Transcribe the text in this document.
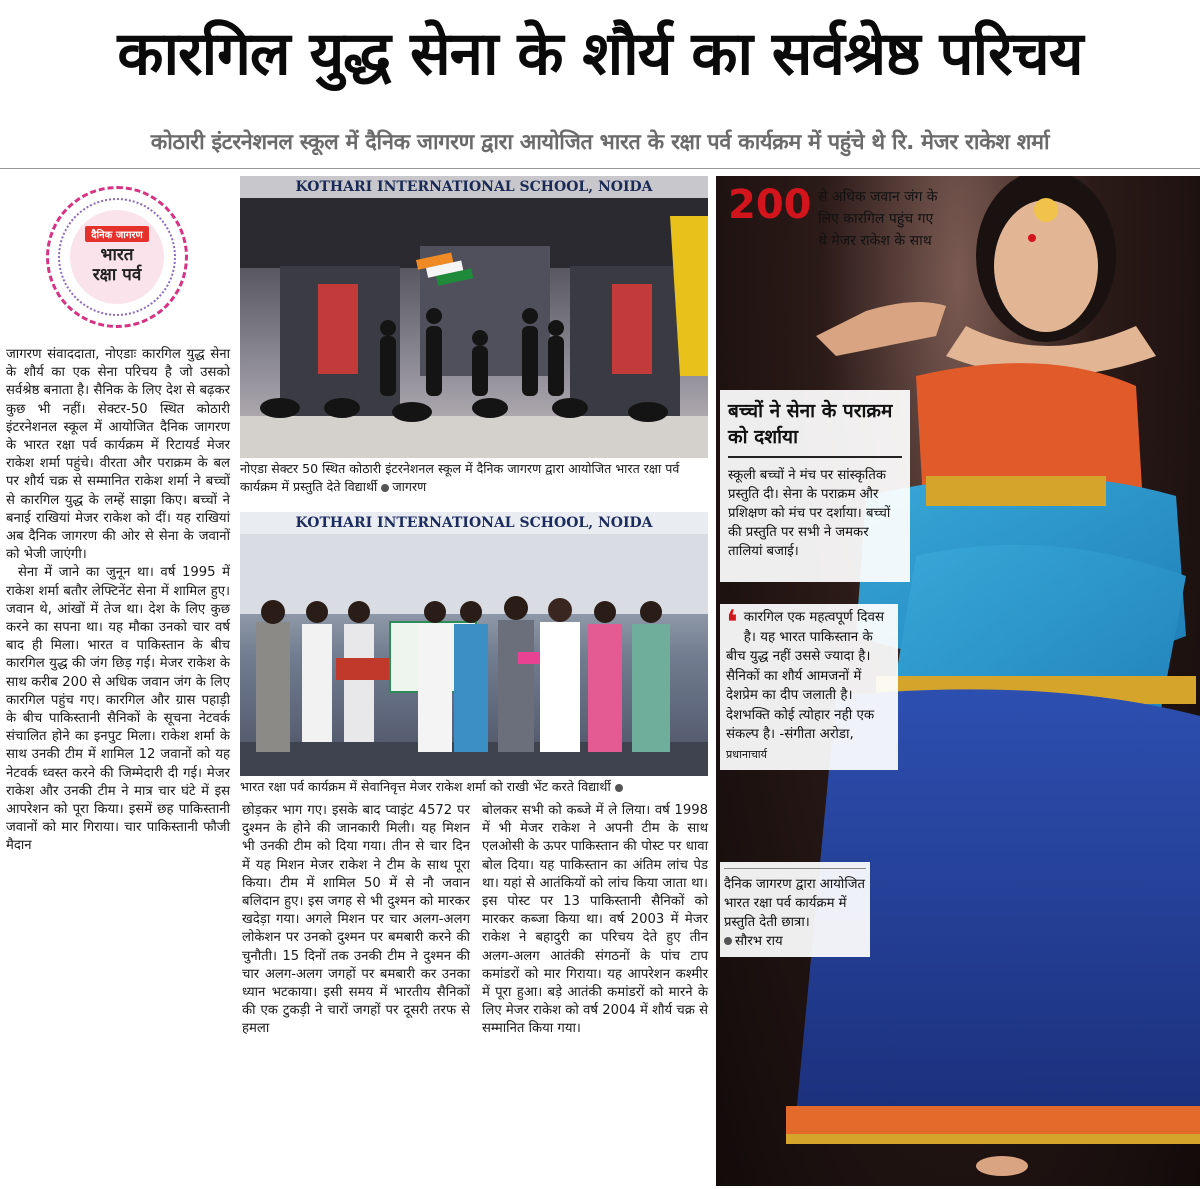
कारगिल युद्ध सेना के शौर्य का सर्वश्रेष्ठ परिचय
कोठारी इंटरनेशनल स्कूल में दैनिक जागरण द्वारा आयोजित भारत के रक्षा पर्व कार्यक्रम में पहुंचे थे रि. मेजर राकेश शर्मा
दैनिक जागरण
भारत
रक्षा पर्व

जागरण संवाददाता, नोएडाः कारगिल युद्ध सेना के शौर्य का एक सेना परिचय है जो उसको सर्वश्रेष्ठ बनाता है। सैनिक के लिए देश से बढ़कर कुछ भी नहीं। सेक्टर-50 स्थित कोठारी इंटरनेशनल स्कूल में आयोजित दैनिक जागरण के भारत रक्षा पर्व कार्यक्रम में रिटायर्ड मेजर राकेश शर्मा पहुंचे। वीरता और पराक्रम के बल पर शौर्य चक्र से सम्मानित राकेश शर्मा ने बच्चों से कारगिल युद्ध के लम्हें साझा किए। बच्चों ने बनाई राखियां मेजर राकेश को दीं। यह राखियां अब दैनिक जागरण की ओर से सेना के जवानों को भेजी जाएंगी।

सेना में जाने का जुनून था। वर्ष 1995 में राकेश शर्मा बतौर लेफ्टिनेंट सेना में शामिल हुए। जवान थे, आंखों में तेज था। देश के लिए कुछ करने का सपना था। यह मौका उनको चार वर्ष बाद ही मिला। भारत व पाकिस्तान के बीच कारगिल युद्ध की जंग छिड़ गई। मेजर राकेश के साथ करीब 200 से अधिक जवान जंग के लिए कारगिल पहुंच गए। कारगिल और ग्रास पहाड़ी के बीच पाकिस्तानी सैनिकों के सूचना नेटवर्क संचालित होने का इनपुट मिला। राकेश शर्मा के साथ उनकी टीम में शामिल 12 जवानों को यह नेटवर्क ध्वस्त करने की जिम्मेदारी दी गई। मेजर राकेश और उनकी टीम ने मात्र चार घंटे में इस आपरेशन को पूरा किया। इसमें छह पाकिस्तानी जवानों को मार गिराया। चार पाकिस्तानी फौजी मैदान

KOTHARI INTERNATIONAL SCHOOL, NOIDA
नोएडा सेक्टर 50 स्थित कोठारी इंटरनेशनल स्कूल में दैनिक जागरण द्वारा आयोजित भारत रक्षा पर्व कार्यक्रम में प्रस्तुति देते विद्यार्थी जागरण
KOTHARI INTERNATIONAL SCHOOL, NOIDA
भारत रक्षा पर्व कार्यक्रम में सेवानिवृत्त मेजर राकेश शर्मा को राखी भेंट करते विद्यार्थी

छोड़कर भाग गए। इसके बाद प्वाइंट 4572 पर दुश्मन के होने की जानकारी मिली। यह मिशन भी उनकी टीम को दिया गया। तीन से चार दिन में यह मिशन मेजर राकेश ने टीम के साथ पूरा किया। टीम में शामिल 50 में से नौ जवान बलिदान हुए। इस जगह से भी दुश्मन को मारकर खदेड़ा गया। अगले मिशन पर चार अलग-अलग लोकेशन पर उनको दुश्मन पर बमबारी करने की चुनौती। 15 दिनों तक उनकी टीम ने दुश्मन की चार अलग-अलग जगहों पर बमबारी कर उनका ध्यान भटकाया। इसी समय में भारतीय सैनिकों की एक टुकड़ी ने चारों जगहों पर दूसरी तरफ से हमला

बोलकर सभी को कब्जे में ले लिया। वर्ष 1998 में भी मेजर राकेश ने अपनी टीम के साथ एलओसी के ऊपर पाकिस्तान की पोस्ट पर धावा बोल दिया। यह पाकिस्तान का अंतिम लांच पेड था। यहां से आतंकियों को लांच किया जाता था। इस पोस्ट पर 13 पाकिस्तानी सैनिकों को मारकर कब्जा किया था। वर्ष 2003 में मेजर राकेश ने बहादुरी का परिचय देते हुए तीन अलग-अलग आतंकी संगठनों के पांच टाप कमांडरों को मार गिराया। यह आपरेशन कश्मीर में पूरा हुआ। बड़े आतंकी कमांडरों को मारने के लिए मेजर राकेश को वर्ष 2004 में शौर्य चक्र से सम्मानित किया गया।

200 से अधिक जवान जंग के लिए कारगिल पहुंच गए थे मेजर राकेश के साथ
बच्चों ने सेना के पराक्रम को दर्शाया
स्कूली बच्चों ने मंच पर सांस्कृतिक प्रस्तुति दी। सेना के पराक्रम और प्रशिक्षण को मंच पर दर्शाया। बच्चों की प्रस्तुति पर सभी ने जमकर तालियां बजाई।
❛ कारगिल एक महत्वपूर्ण दिवस है। यह भारत पाकिस्तान के बीच युद्ध नहीं उससे ज्यादा है। सैनिकों का शौर्य आमजनों में देशप्रेम का दीप जलाती है। देशभक्ति कोई त्योहार नही एक संकल्प है। -संगीता अरोडा, प्रधानाचार्य
दैनिक जागरण द्वारा आयोजित भारत रक्षा पर्व कार्यक्रम में प्रस्तुति देती छात्रा।
सौरभ राय
